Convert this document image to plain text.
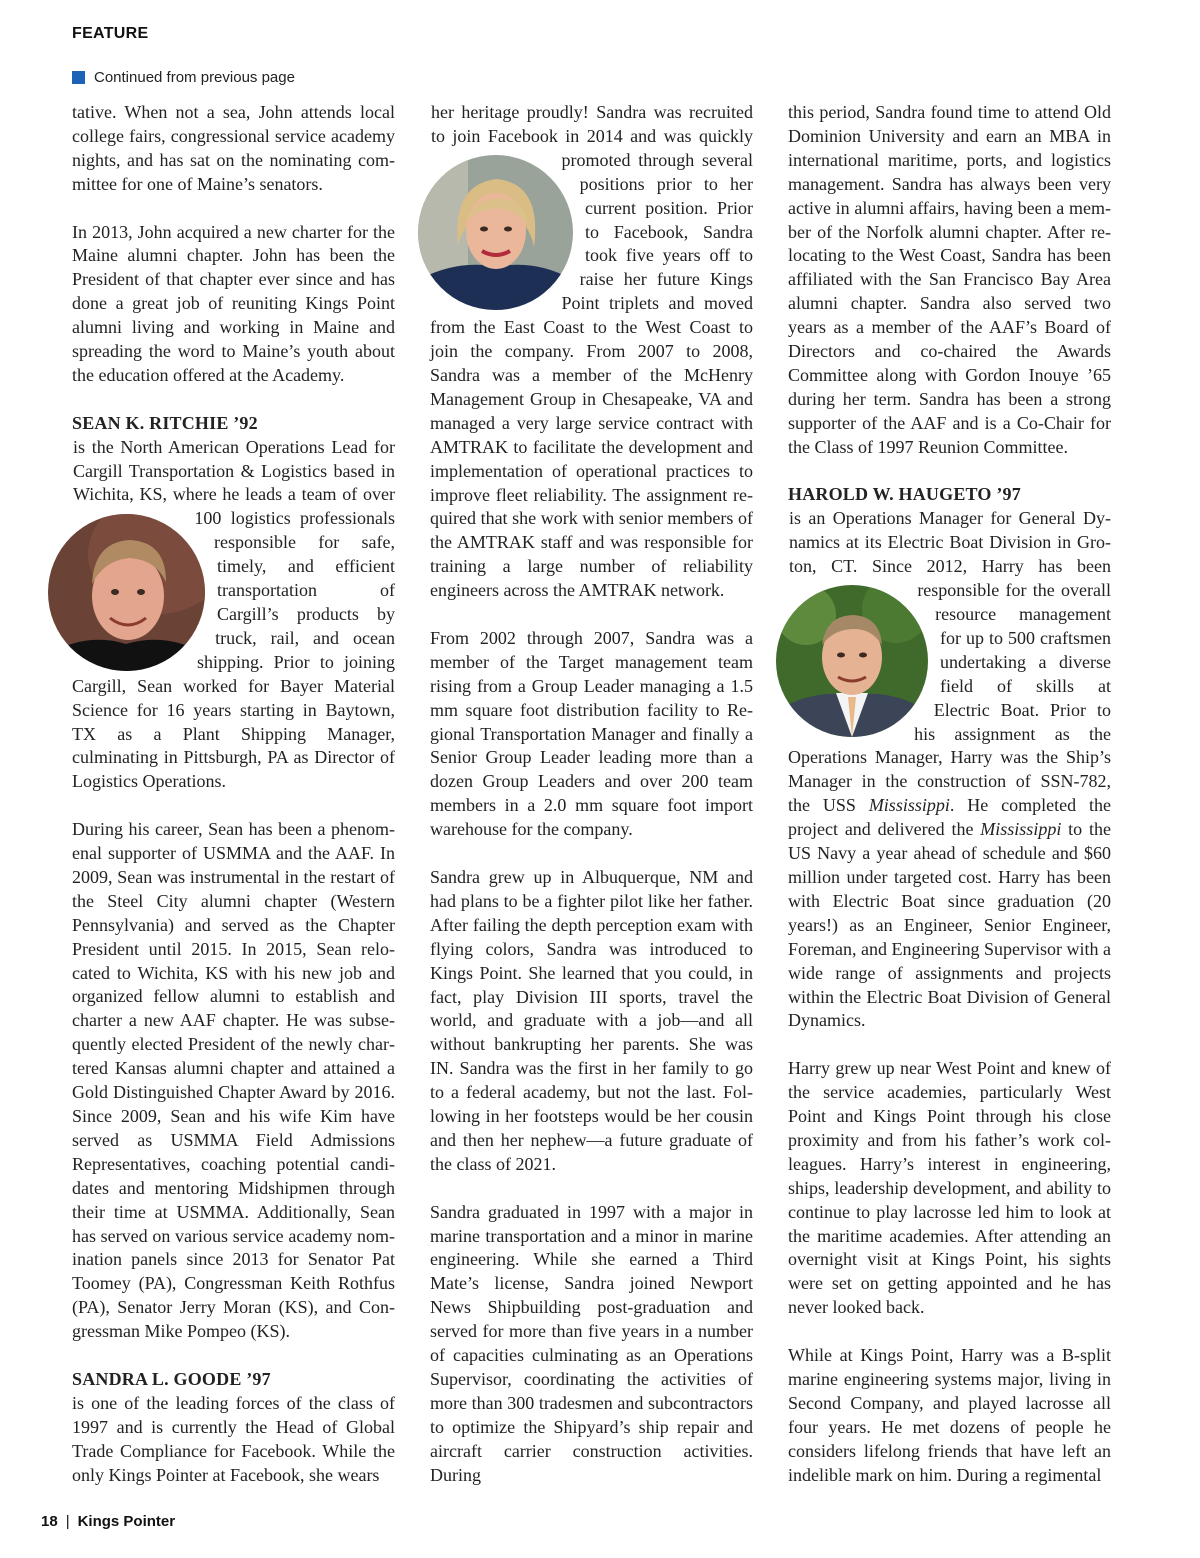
FEATURE
Continued from previous page

tative. When not a sea, John attends local college fairs, congressional service academy nights, and has sat on the nominating committee for one of Maine’s senators.

In 2013, John acquired a new charter for the Maine alumni chapter. John has been the President of that chapter ever since and has done a great job of reuniting Kings Point alumni living and working in Maine and spreading the word to Maine’s youth about the education offered at the Academy.

SEAN K. RITCHIE ’92

is the North American Operations Lead for Cargill Transportation & Logistics based in Wichita, KS, where he leads a team of over 100 logistics professionals responsible for safe, timely, and efficient transportation of Cargill’s products by truck, rail, and ocean shipping. Prior to joining Cargill, Sean worked for Bayer Material Science for 16 years starting in Baytown, TX as a Plant Shipping Manager, culminating in Pittsburgh, PA as Director of Logistics Operations.

During his career, Sean has been a phenomenal supporter of USMMA and the AAF. In 2009, Sean was instrumental in the restart of the Steel City alumni chapter (Western Pennsylvania) and served as the Chapter President until 2015. In 2015, Sean relocated to Wichita, KS with his new job and organized fellow alumni to establish and charter a new AAF chapter. He was subsequently elected President of the newly chartered Kansas alumni chapter and attained a Gold Distinguished Chapter Award by 2016. Since 2009, Sean and his wife Kim have served as USMMA Field Admissions Representatives, coaching potential candidates and mentoring Midshipmen through their time at USMMA. Additionally, Sean has served on various service academy nomination panels since 2013 for Senator Pat Toomey (PA), Congressman Keith Rothfus (PA), Senator Jerry Moran (KS), and Congressman Mike Pompeo (KS).

SANDRA L. GOODE ’97

is one of the leading forces of the class of 1997 and is currently the Head of Global Trade Compliance for Facebook. While the only Kings Pointer at Facebook, she wears

her heritage proudly! Sandra was recruited to join Facebook in 2014 and was quickly promoted through several positions prior to her current position. Prior to Facebook, Sandra took five years off to raise her future Kings Point triplets and moved from the East Coast to the West Coast to join the company. From 2007 to 2008, Sandra was a member of the McHenry Management Group in Chesapeake, VA and managed a very large service contract with AMTRAK to facilitate the development and implementation of operational practices to improve fleet reliability. The assignment required that she work with senior members of the AMTRAK staff and was responsible for training a large number of reliability engineers across the AMTRAK network.

From 2002 through 2007, Sandra was a member of the Target management team rising from a Group Leader managing a 1.5 mm square foot distribution facility to Regional Transportation Manager and finally a Senior Group Leader leading more than a dozen Group Leaders and over 200 team members in a 2.0 mm square foot import warehouse for the company.

Sandra grew up in Albuquerque, NM and had plans to be a fighter pilot like her father. After failing the depth perception exam with flying colors, Sandra was introduced to Kings Point. She learned that you could, in fact, play Division III sports, travel the world, and graduate with a job—and all without bankrupting her parents. She was IN. Sandra was the first in her family to go to a federal academy, but not the last. Following in her footsteps would be her cousin and then her nephew—a future graduate of the class of 2021.

Sandra graduated in 1997 with a major in marine transportation and a minor in marine engineering. While she earned a Third Mate’s license, Sandra joined Newport News Shipbuilding post-graduation and served for more than five years in a number of capacities culminating as an Operations Supervisor, coordinating the activities of more than 300 tradesmen and subcontractors to optimize the Shipyard’s ship repair and aircraft carrier construction activities. During

this period, Sandra found time to attend Old Dominion University and earn an MBA in international maritime, ports, and logistics management. Sandra has always been very active in alumni affairs, having been a member of the Norfolk alumni chapter. After relocating to the West Coast, Sandra has been affiliated with the San Francisco Bay Area alumni chapter. Sandra also served two years as a member of the AAF’s Board of Directors and co-chaired the Awards Committee along with Gordon Inouye ’65 during her term. Sandra has been a strong supporter of the AAF and is a Co-Chair for the Class of 1997 Reunion Committee.

HAROLD W. HAUGETO ’97

is an Operations Manager for General Dynamics at its Electric Boat Division in Groton, CT. Since 2012, Harry has been responsible for the overall resource management for up to 500 craftsmen undertaking a diverse field of skills at Electric Boat. Prior to his assignment as the Operations Manager, Harry was the Ship’s Manager in the construction of SSN-782, the USS Mississippi. He completed the project and delivered the Mississippi to the US Navy a year ahead of schedule and $60 million under targeted cost. Harry has been with Electric Boat since graduation (20 years!) as an Engineer, Senior Engineer, Foreman, and Engineering Supervisor with a wide range of assignments and projects within the Electric Boat Division of General Dynamics.

Harry grew up near West Point and knew of the service academies, particularly West Point and Kings Point through his close proximity and from his father’s work colleagues. Harry’s interest in engineering, ships, leadership development, and ability to continue to play lacrosse led him to look at the maritime academies. After attending an overnight visit at Kings Point, his sights were set on getting appointed and he has never looked back.

While at Kings Point, Harry was a B-split marine engineering systems major, living in Second Company, and played lacrosse all four years. He met dozens of people he considers lifelong friends that have left an indelible mark on him. During a regimental

18 | Kings Pointer
